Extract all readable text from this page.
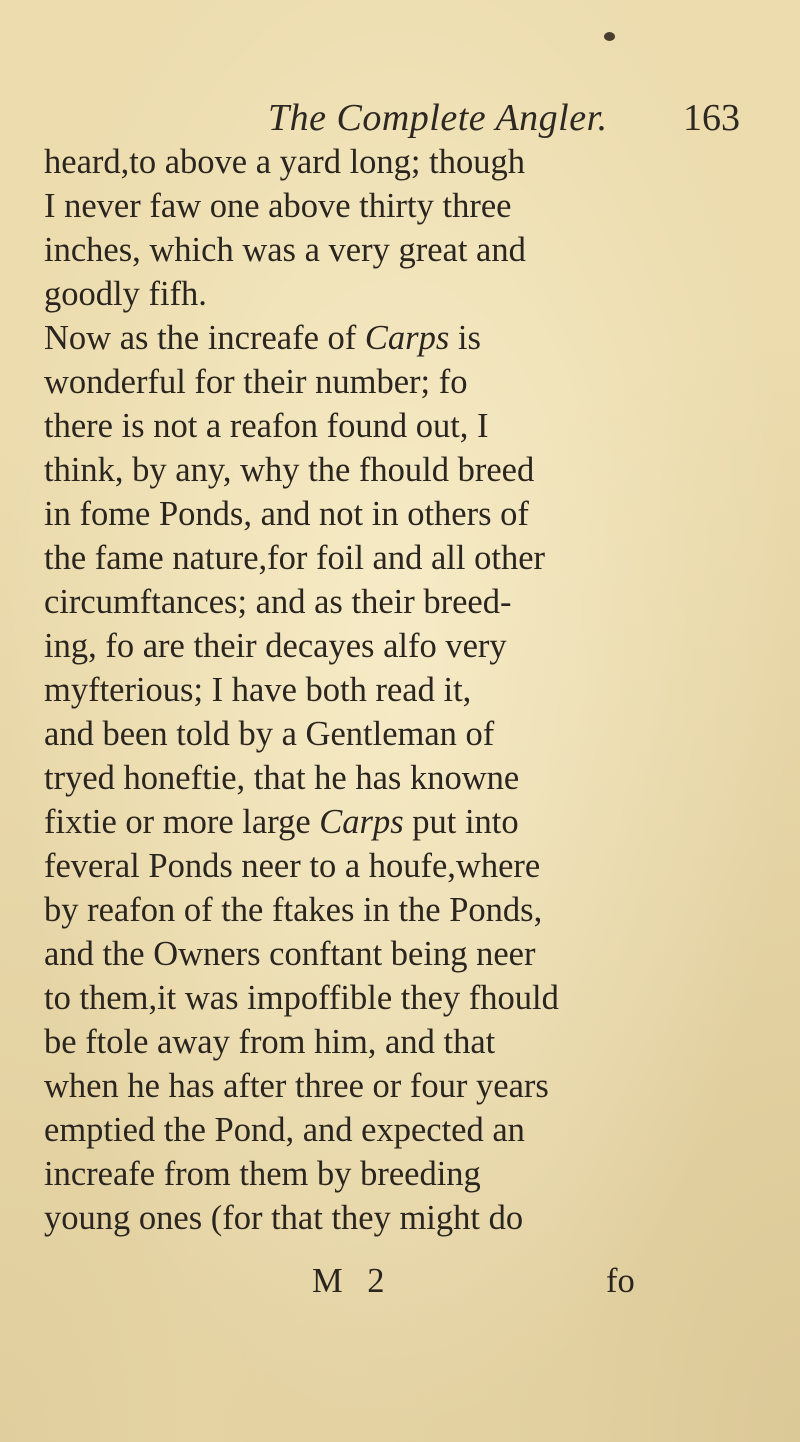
The Complete Angler. 163
heard,to above a yard long; though
I never faw one above thirty three
inches, which was a very great and
goodly fifh.
Now as the increafe of Carps is
wonderful for their number; fo
there is not a reafon found out, I
think, by any, why the fhould breed
in fome Ponds, and not in others of
the fame nature,for foil and all other
circumftances; and as their breed-
ing, fo are their decayes alfo very
myfterious; I have both read it,
and been told by a Gentleman of
tryed honeftie, that he has knowne
fixtie or more large Carps put into
feveral Ponds neer to a houfe,where
by reafon of the ftakes in the Ponds,
and the Owners conftant being neer
to them,it was impoffible they fhould
be ftole away from him, and that
when he has after three or four years
emptied the Pond, and expected an
increafe from them by breeding
young ones (for that they might do
M 2	fo
